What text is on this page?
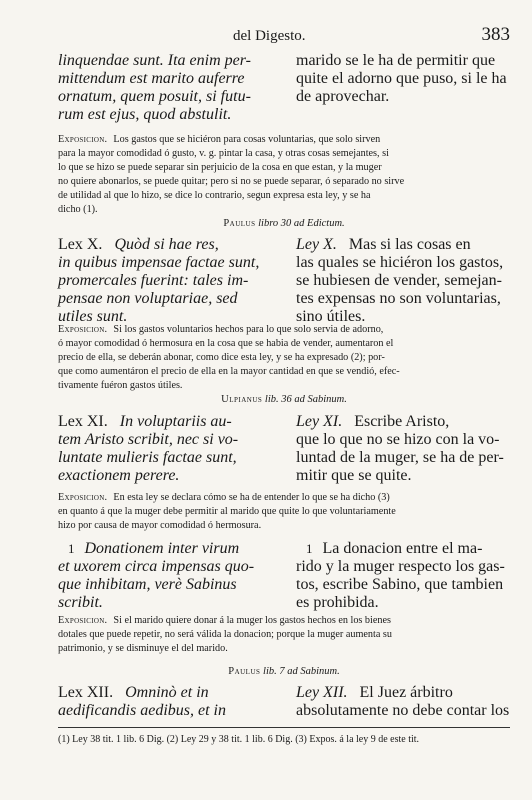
del Digesto.	383
linquendae sunt. Ita enim per-
mittendum est marito auferre
ornatum, quem posuit, si futu-
rum est ejus, quod abstulit.
marido se le ha de permitir que
quite el adorno que puso, si le ha
de aprovechar.
Exposicion. Los gastos que se hiciéron para cosas voluntarias, que solo sirven
para la mayor comodidad ó gusto, v. g. pintar la casa, y otras cosas semejantes, si
lo que se hizo se puede separar sin perjuicio de la cosa en que estan, y la muger
no quiere abonarlos, se puede quitar; pero si no se puede separar, ó separado no sirve
de utilidad al que lo hizo, se dice lo contrario, segun expresa esta ley, y se ha
dicho (1).
Paulus libro 30 ad Edictum.
Lex X. Quòd si hae res,
in quibus impensae factae sunt,
promercales fuerint: tales im-
pensae non voluptariae, sed
utiles sunt.
Ley X. Mas si las cosas en
las quales se hiciéron los gastos,
se hubiesen de vender, semejan-
tes expensas no son voluntarias,
sino útiles.
Exposicion. Si los gastos voluntarios hechos para lo que solo servia de adorno,
ó mayor comodidad ó hermosura en la cosa que se habia de vender, aumentaron el
precio de ella, se deberán abonar, como dice esta ley, y se ha expresado (2); por-
que como aumentáron el precio de ella en la mayor cantidad en que se vendió, efec-
tivamente fuéron gastos útiles.
Ulpianus lib. 36 ad Sabinum.
Lex XI. In voluptariis au-
tem Aristo scribit, nec si vo-
luntate mulieris factae sunt,
exactionem perere.
Ley XI. Escribe Aristo,
que lo que no se hizo con la vo-
luntad de la muger, se ha de per-
mitir que se quite.
Exposicion. En esta ley se declara cómo se ha de entender lo que se ha dicho (3)
en quanto á que la muger debe permitir al marido que quite lo que voluntariamente
hizo por causa de mayor comodidad ó hermosura.
1 Donationem inter virum
et uxorem circa impensas quo-
que inhibitam, verè Sabinus
scribit.
1 La donacion entre el ma-
rido y la muger respecto los gas-
tos, escribe Sabino, que tambien
es prohibida.
Exposicion. Si el marido quiere donar á la muger los gastos hechos en los bienes
dotales que puede repetir, no será válida la donacion; porque la muger aumenta su
patrimonio, y se disminuye el del marido.
Paulus lib. 7 ad Sabinum.
Lex XII. Omninò et in
aedificandis aedibus, et in
Ley XII. El Juez árbitro
absolutamente no debe contar los
(1) Ley 38 tit. 1 lib. 6 Dig. (2) Ley 29 y 38 tit. 1 lib. 6 Dig. (3) Expos. á la ley 9 de este tit.
